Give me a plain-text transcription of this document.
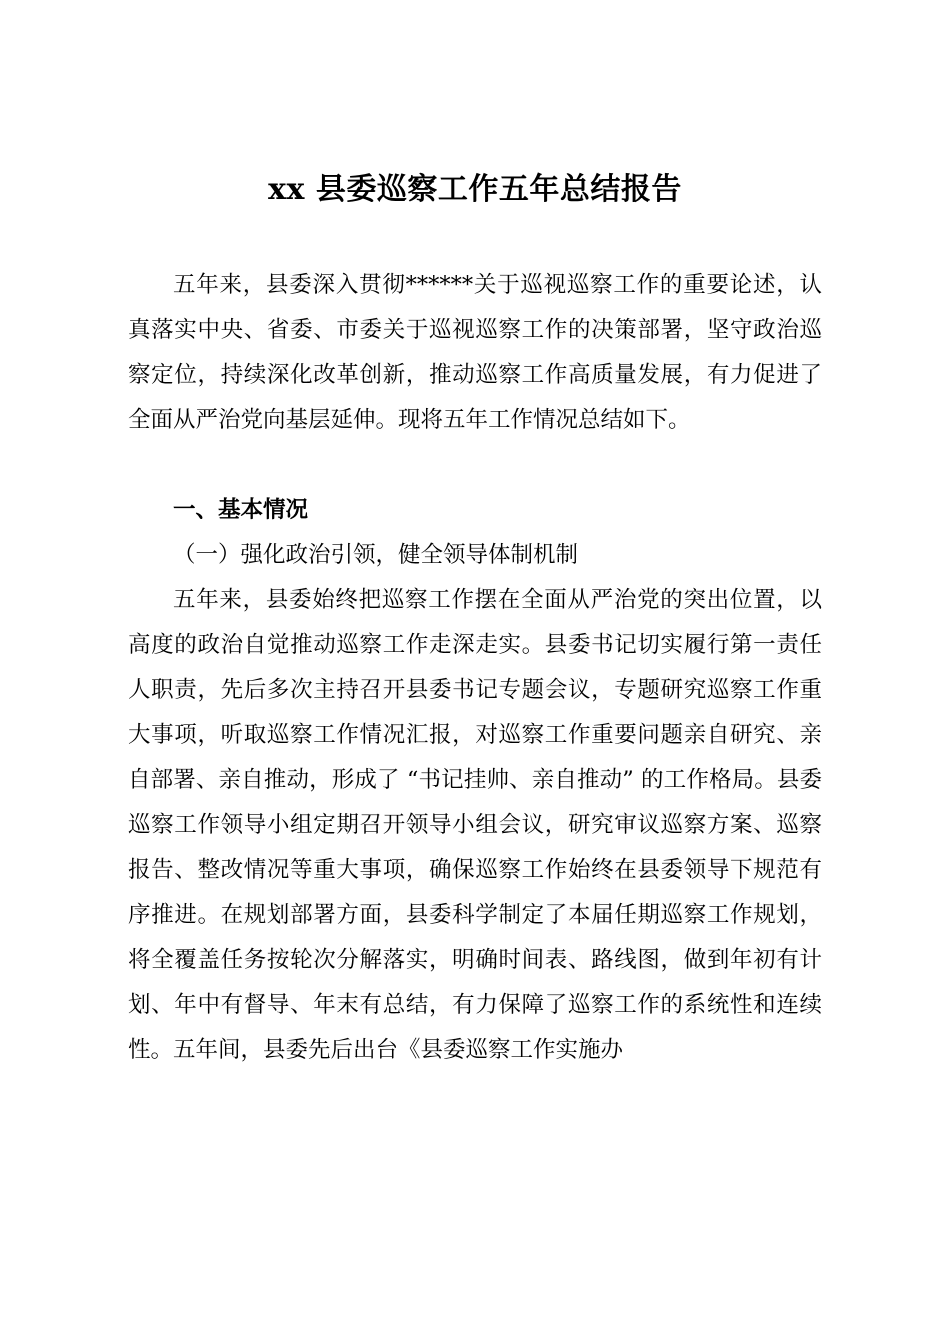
xx 县委巡察工作五年总结报告

五年来，县委深入贯彻******关于巡视巡察工作的重要论述，认真落实中央、省委、市委关于巡视巡察工作的决策部署，坚守政治巡察定位，持续深化改革创新，推动巡察工作高质量发展，有力促进了全面从严治党向基层延伸。现将五年工作情况总结如下。

一、基本情况

（一）强化政治引领，健全领导体制机制

五年来，县委始终把巡察工作摆在全面从严治党的突出位置，以高度的政治自觉推动巡察工作走深走实。县委书记切实履行第一责任人职责，先后多次主持召开县委书记专题会议，专题研究巡察工作重大事项，听取巡察工作情况汇报，对巡察工作重要问题亲自研究、亲自部署、亲自推动，形成了 “书记挂帅、亲自推动” 的工作格局。县委巡察工作领导小组定期召开领导小组会议，研究审议巡察方案、巡察报告、整改情况等重大事项，确保巡察工作始终在县委领导下规范有序推进。在规划部署方面，县委科学制定了本届任期巡察工作规划，将全覆盖任务按轮次分解落实，明确时间表、路线图，做到年初有计划、年中有督导、年末有总结，有力保障了巡察工作的系统性和连续性。五年间，县委先后出台《县委巡察工作实施办
